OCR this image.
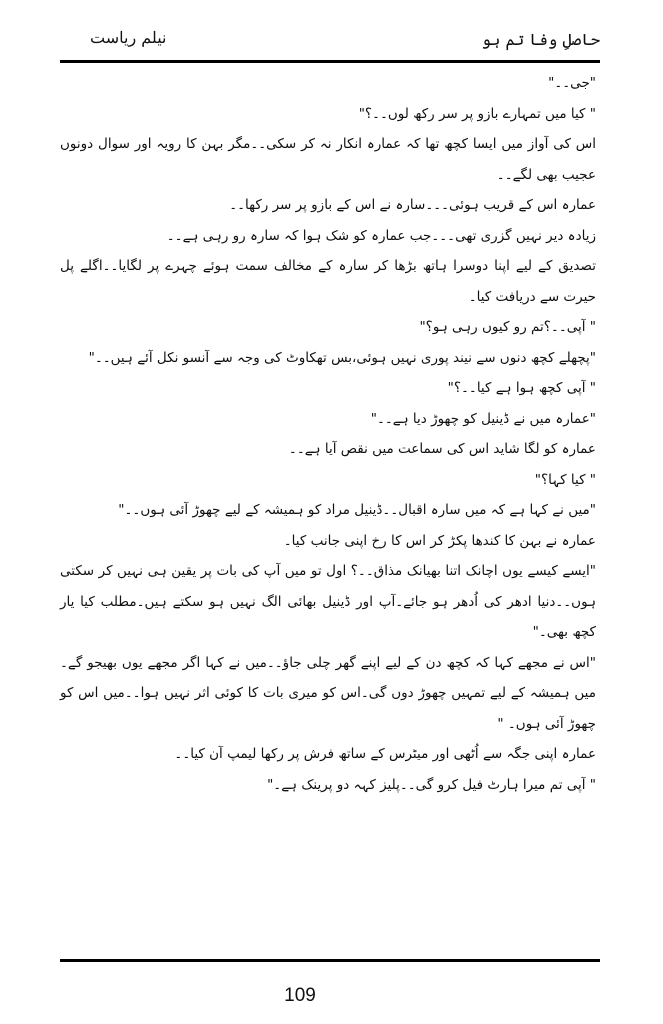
حاصلِ وفا تم ہو
نیلم ریاست

"جی۔۔"

" کیا میں تمہارے بازو پر سر رکھ لوں۔۔؟"

اس کی آواز میں ایسا کچھ تھا کہ عمارہ انکار نہ کر سکی۔۔مگر بہن کا رویہ اور سوال دونوں عجیب بھی لگے۔۔

عمارہ اس کے قریب ہوئی۔۔۔سارہ نے اس کے بازو پر سر رکھا۔۔

زیادہ دیر نہیں گزری تھی۔۔۔جب عمارہ کو شک ہوا کہ سارہ رو رہی ہے۔۔

تصدیق کے لیے اپنا دوسرا ہاتھ بڑھا کر سارہ کے مخالف سمت ہوئے چہرے پر لگایا۔۔اگلے پل حیرت سے دریافت کیا۔

" آپی۔۔؟تم رو کیوں رہی ہو؟"

"پچھلے کچھ دنوں سے نیند پوری نہیں ہوئی،بس تھکاوٹ کی وجہ سے آنسو نکل آئے ہیں۔۔"

" آپی کچھ ہوا ہے کیا۔۔؟"

"عمارہ میں نے ڈینیل کو چھوڑ دیا ہے۔۔"

عمارہ کو لگا شاید اس کی سماعت میں نقص آیا ہے۔۔

" کیا کہا؟"

"میں نے کہا ہے کہ میں سارہ اقبال۔۔ڈینیل مراد کو ہمیشہ کے لیے چھوڑ آئی ہوں۔۔"

عمارہ نے بہن کا کندھا پکڑ کر اس کا رخ اپنی جانب کیا۔

"ایسے کیسے یوں اچانک اتنا بھیانک مذاق۔۔؟ اول تو میں آپ کی بات پر یقین ہی نہیں کر سکتی ہوں۔۔دنیا ادھر کی اُدھر ہو جائے۔آپ اور ڈینیل بھائی الگ نہیں ہو سکتے ہیں۔مطلب کیا یار کچھ بھی۔"

"اس نے مجھے کہا کہ کچھ دن کے لیے اپنے گھر چلی جاؤ۔۔میں نے کہا اگر مجھے یوں بھیجو گے۔میں ہمیشہ کے لیے تمہیں چھوڑ دوں گی۔اس کو میری بات کا کوئی اثر نہیں ہوا۔۔میں اس کو چھوڑ آئی ہوں۔ "

عمارہ اپنی جگہ سے اُٹھی اور میٹرس کے ساتھ فرش پر رکھا لیمپ آن کیا۔۔

" آپی تم میرا ہارٹ فیل کرو گی۔۔پلیز کہہ دو پرینک ہے۔"

109
